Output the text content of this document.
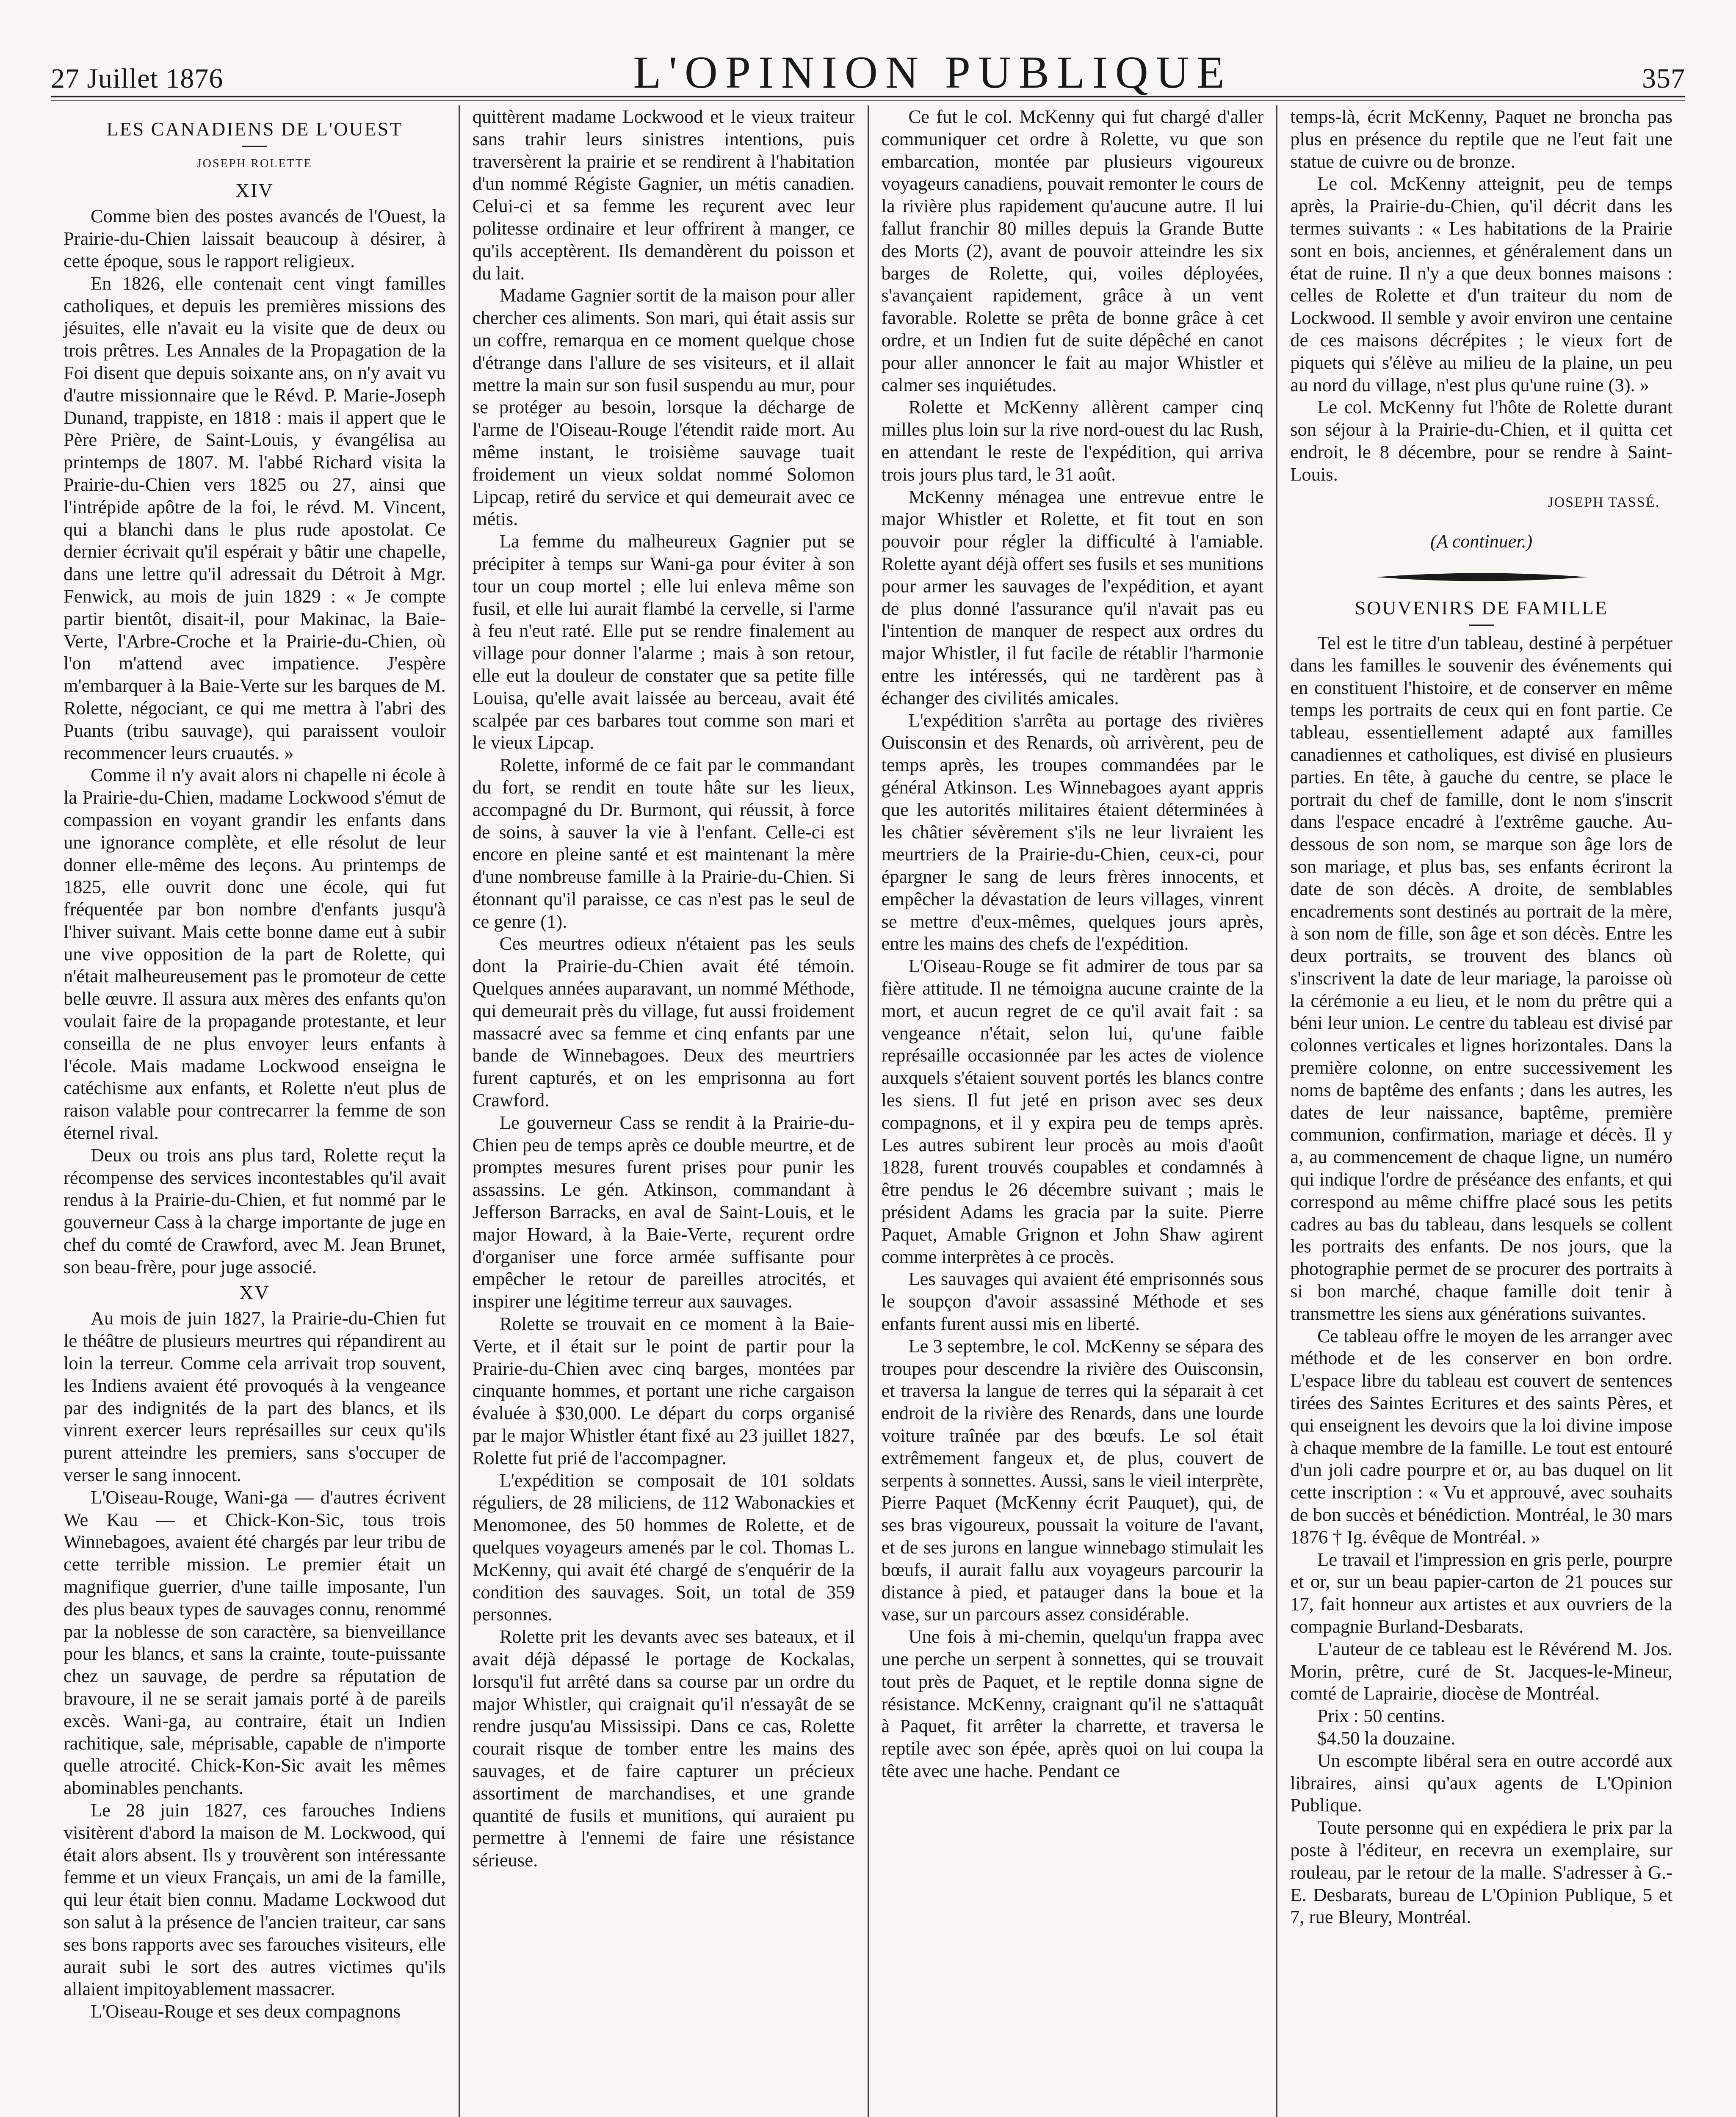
27 Juillet 1876	L'OPINION PUBLIQUE	357
LES CANADIENS DE L'OUEST
JOSEPH ROLETTE
XIV

Comme bien des postes avancés de l'Ouest, la Prairie-du-Chien laissait beaucoup à désirer, à cette époque, sous le rapport religieux.

En 1826, elle contenait cent vingt familles catholiques, et depuis les premières missions des jésuites, elle n'avait eu la visite que de deux ou trois prêtres. Les Annales de la Propagation de la Foi disent que depuis soixante ans, on n'y avait vu d'autre missionnaire que le Révd. P. Marie-Joseph Dunand, trappiste, en 1818 : mais il appert que le Père Prière, de Saint-Louis, y évangélisa au printemps de 1807. M. l'abbé Richard visita la Prairie-du-Chien vers 1825 ou 27, ainsi que l'intrépide apôtre de la foi, le révd. M. Vincent, qui a blanchi dans le plus rude apostolat. Ce dernier écrivait qu'il espérait y bâtir une chapelle, dans une lettre qu'il adressait du Détroit à Mgr. Fenwick, au mois de juin 1829 : « Je compte partir bientôt, disait-il, pour Makinac, la Baie-Verte, l'Arbre-Croche et la Prairie-du-Chien, où l'on m'attend avec impatience. J'espère m'embarquer à la Baie-Verte sur les barques de M. Rolette, négociant, ce qui me mettra à l'abri des Puants (tribu sauvage), qui paraissent vouloir recommencer leurs cruautés. »

Comme il n'y avait alors ni chapelle ni école à la Prairie-du-Chien, madame Lockwood s'émut de compassion en voyant grandir les enfants dans une ignorance complète, et elle résolut de leur donner elle-même des leçons. Au printemps de 1825, elle ouvrit donc une école, qui fut fréquentée par bon nombre d'enfants jusqu'à l'hiver suivant. Mais cette bonne dame eut à subir une vive opposition de la part de Rolette, qui n'était malheureusement pas le promoteur de cette belle œuvre. Il assura aux mères des enfants qu'on voulait faire de la propagande protestante, et leur conseilla de ne plus envoyer leurs enfants à l'école. Mais madame Lockwood enseigna le catéchisme aux enfants, et Rolette n'eut plus de raison valable pour contrecarrer la femme de son éternel rival.

Deux ou trois ans plus tard, Rolette reçut la récompense des services incontestables qu'il avait rendus à la Prairie-du-Chien, et fut nommé par le gouverneur Cass à la charge importante de juge en chef du comté de Crawford, avec M. Jean Brunet, son beau-frère, pour juge associé.

XV

Au mois de juin 1827, la Prairie-du-Chien fut le théâtre de plusieurs meurtres qui répandirent au loin la terreur. Comme cela arrivait trop souvent, les Indiens avaient été provoqués à la vengeance par des indignités de la part des blancs, et ils vinrent exercer leurs représailles sur ceux qu'ils purent atteindre les premiers, sans s'occuper de verser le sang innocent.

L'Oiseau-Rouge, Wani-ga — d'autres écrivent We Kau — et Chick-Kon-Sic, tous trois Winnebagoes, avaient été chargés par leur tribu de cette terrible mission. Le premier était un magnifique guerrier, d'une taille imposante, l'un des plus beaux types de sauvages connu, renommé par la noblesse de son caractère, sa bienveillance pour les blancs, et sans la crainte, toute-puissante chez un sauvage, de perdre sa réputation de bravoure, il ne se serait jamais porté à de pareils excès. Wani-ga, au contraire, était un Indien rachitique, sale, méprisable, capable de n'importe quelle atrocité. Chick-Kon-Sic avait les mêmes abominables penchants.

Le 28 juin 1827, ces farouches Indiens visitèrent d'abord la maison de M. Lockwood, qui était alors absent. Ils y trouvèrent son intéressante femme et un vieux Français, un ami de la famille, qui leur était bien connu. Madame Lockwood dut son salut à la présence de l'ancien traiteur, car sans ses bons rapports avec ses farouches visiteurs, elle aurait subi le sort des autres victimes qu'ils allaient impitoyablement massacrer.

L'Oiseau-Rouge et ses deux compagnons

quittèrent madame Lockwood et le vieux traiteur sans trahir leurs sinistres intentions, puis traversèrent la prairie et se rendirent à l'habitation d'un nommé Régiste Gagnier, un métis canadien. Celui-ci et sa femme les reçurent avec leur politesse ordinaire et leur offrirent à manger, ce qu'ils acceptèrent. Ils demandèrent du poisson et du lait.

Madame Gagnier sortit de la maison pour aller chercher ces aliments. Son mari, qui était assis sur un coffre, remarqua en ce moment quelque chose d'étrange dans l'allure de ses visiteurs, et il allait mettre la main sur son fusil suspendu au mur, pour se protéger au besoin, lorsque la décharge de l'arme de l'Oiseau-Rouge l'étendit raide mort. Au même instant, le troisième sauvage tuait froidement un vieux soldat nommé Solomon Lipcap, retiré du service et qui demeurait avec ce métis.

La femme du malheureux Gagnier put se précipiter à temps sur Wani-ga pour éviter à son tour un coup mortel ; elle lui enleva même son fusil, et elle lui aurait flambé la cervelle, si l'arme à feu n'eut raté. Elle put se rendre finalement au village pour donner l'alarme ; mais à son retour, elle eut la douleur de constater que sa petite fille Louisa, qu'elle avait laissée au berceau, avait été scalpée par ces barbares tout comme son mari et le vieux Lipcap.

Rolette, informé de ce fait par le commandant du fort, se rendit en toute hâte sur les lieux, accompagné du Dr. Burmont, qui réussit, à force de soins, à sauver la vie à l'enfant. Celle-ci est encore en pleine santé et est maintenant la mère d'une nombreuse famille à la Prairie-du-Chien. Si étonnant qu'il paraisse, ce cas n'est pas le seul de ce genre (1).

Ces meurtres odieux n'étaient pas les seuls dont la Prairie-du-Chien avait été témoin. Quelques années auparavant, un nommé Méthode, qui demeurait près du village, fut aussi froidement massacré avec sa femme et cinq enfants par une bande de Winnebagoes. Deux des meurtriers furent capturés, et on les emprisonna au fort Crawford.

Le gouverneur Cass se rendit à la Prairie-du-Chien peu de temps après ce double meurtre, et de promptes mesures furent prises pour punir les assassins. Le gén. Atkinson, commandant à Jefferson Barracks, en aval de Saint-Louis, et le major Howard, à la Baie-Verte, reçurent ordre d'organiser une force armée suffisante pour empêcher le retour de pareilles atrocités, et inspirer une légitime terreur aux sauvages.

Rolette se trouvait en ce moment à la Baie-Verte, et il était sur le point de partir pour la Prairie-du-Chien avec cinq barges, montées par cinquante hommes, et portant une riche cargaison évaluée à $30,000. Le départ du corps organisé par le major Whistler étant fixé au 23 juillet 1827, Rolette fut prié de l'accompagner.

L'expédition se composait de 101 soldats réguliers, de 28 miliciens, de 112 Wabonackies et Menomonee, des 50 hommes de Rolette, et de quelques voyageurs amenés par le col. Thomas L. McKenny, qui avait été chargé de s'enquérir de la condition des sauvages. Soit, un total de 359 personnes.

Rolette prit les devants avec ses bateaux, et il avait déjà dépassé le portage de Kockalas, lorsqu'il fut arrêté dans sa course par un ordre du major Whistler, qui craignait qu'il n'essayât de se rendre jusqu'au Mississipi. Dans ce cas, Rolette courait risque de tomber entre les mains des sauvages, et de faire capturer un précieux assortiment de marchandises, et une grande quantité de fusils et munitions, qui auraient pu permettre à l'ennemi de faire une résistance sérieuse.

Ce fut le col. McKenny qui fut chargé d'aller communiquer cet ordre à Rolette, vu que son embarcation, montée par plusieurs vigoureux voyageurs canadiens, pouvait remonter le cours de la rivière plus rapidement qu'aucune autre. Il lui fallut franchir 80 milles depuis la Grande Butte des Morts (2), avant de pouvoir atteindre les six barges de Rolette, qui, voiles déployées, s'avançaient rapidement, grâce à un vent favorable. Rolette se prêta de bonne grâce à cet ordre, et un Indien fut de suite dépêché en canot pour aller annoncer le fait au major Whistler et calmer ses inquiétudes.

Rolette et McKenny allèrent camper cinq milles plus loin sur la rive nord-ouest du lac Rush, en attendant le reste de l'expédition, qui arriva trois jours plus tard, le 31 août.

McKenny ménagea une entrevue entre le major Whistler et Rolette, et fit tout en son pouvoir pour régler la difficulté à l'amiable. Rolette ayant déjà offert ses fusils et ses munitions pour armer les sauvages de l'expédition, et ayant de plus donné l'assurance qu'il n'avait pas eu l'intention de manquer de respect aux ordres du major Whistler, il fut facile de rétablir l'harmonie entre les intéressés, qui ne tardèrent pas à échanger des civilités amicales.

L'expédition s'arrêta au portage des rivières Ouisconsin et des Renards, où arrivèrent, peu de temps après, les troupes commandées par le général Atkinson. Les Winnebagoes ayant appris que les autorités militaires étaient déterminées à les châtier sévèrement s'ils ne leur livraient les meurtriers de la Prairie-du-Chien, ceux-ci, pour épargner le sang de leurs frères innocents, et empêcher la dévastation de leurs villages, vinrent se mettre d'eux-mêmes, quelques jours après, entre les mains des chefs de l'expédition.

L'Oiseau-Rouge se fit admirer de tous par sa fière attitude. Il ne témoigna aucune crainte de la mort, et aucun regret de ce qu'il avait fait : sa vengeance n'était, selon lui, qu'une faible représaille occasionnée par les actes de violence auxquels s'étaient souvent portés les blancs contre les siens. Il fut jeté en prison avec ses deux compagnons, et il y expira peu de temps après. Les autres subirent leur procès au mois d'août 1828, furent trouvés coupables et condamnés à être pendus le 26 décembre suivant ; mais le président Adams les gracia par la suite. Pierre Paquet, Amable Grignon et John Shaw agirent comme interprètes à ce procès.

Les sauvages qui avaient été emprisonnés sous le soupçon d'avoir assassiné Méthode et ses enfants furent aussi mis en liberté.

Le 3 septembre, le col. McKenny se sépara des troupes pour descendre la rivière des Ouisconsin, et traversa la langue de terres qui la séparait à cet endroit de la rivière des Renards, dans une lourde voiture traînée par des bœufs. Le sol était extrêmement fangeux et, de plus, couvert de serpents à sonnettes. Aussi, sans le vieil interprète, Pierre Paquet (McKenny écrit Pauquet), qui, de ses bras vigoureux, poussait la voiture de l'avant, et de ses jurons en langue winnebago stimulait les bœufs, il aurait fallu aux voyageurs parcourir la distance à pied, et patauger dans la boue et la vase, sur un parcours assez considérable.

Une fois à mi-chemin, quelqu'un frappa avec une perche un serpent à sonnettes, qui se trouvait tout près de Paquet, et le reptile donna signe de résistance. McKenny, craignant qu'il ne s'attaquât à Paquet, fit arrêter la charrette, et traversa le reptile avec son épée, après quoi on lui coupa la tête avec une hache. Pendant ce

temps-là, écrit McKenny, Paquet ne broncha pas plus en présence du reptile que ne l'eut fait une statue de cuivre ou de bronze.

Le col. McKenny atteignit, peu de temps après, la Prairie-du-Chien, qu'il décrit dans les termes suivants : « Les habitations de la Prairie sont en bois, anciennes, et généralement dans un état de ruine. Il n'y a que deux bonnes maisons : celles de Rolette et d'un traiteur du nom de Lockwood. Il semble y avoir environ une centaine de ces maisons décrépites ; le vieux fort de piquets qui s'élève au milieu de la plaine, un peu au nord du village, n'est plus qu'une ruine (3). »

Le col. McKenny fut l'hôte de Rolette durant son séjour à la Prairie-du-Chien, et il quitta cet endroit, le 8 décembre, pour se rendre à Saint-Louis.

JOSEPH TASSÉ.
(A continuer.)
SOUVENIRS DE FAMILLE

Tel est le titre d'un tableau, destiné à perpétuer dans les familles le souvenir des événements qui en constituent l'histoire, et de conserver en même temps les portraits de ceux qui en font partie. Ce tableau, essentiellement adapté aux familles canadiennes et catholiques, est divisé en plusieurs parties. En tête, à gauche du centre, se place le portrait du chef de famille, dont le nom s'inscrit dans l'espace encadré à l'extrême gauche. Au-dessous de son nom, se marque son âge lors de son mariage, et plus bas, ses enfants écriront la date de son décès. A droite, de semblables encadrements sont destinés au portrait de la mère, à son nom de fille, son âge et son décès. Entre les deux portraits, se trouvent des blancs où s'inscrivent la date de leur mariage, la paroisse où la cérémonie a eu lieu, et le nom du prêtre qui a béni leur union. Le centre du tableau est divisé par colonnes verticales et lignes horizontales. Dans la première colonne, on entre successivement les noms de baptême des enfants ; dans les autres, les dates de leur naissance, baptême, première communion, confirmation, mariage et décès. Il y a, au commencement de chaque ligne, un numéro qui indique l'ordre de préséance des enfants, et qui correspond au même chiffre placé sous les petits cadres au bas du tableau, dans lesquels se collent les portraits des enfants. De nos jours, que la photographie permet de se procurer des portraits à si bon marché, chaque famille doit tenir à transmettre les siens aux générations suivantes.

Ce tableau offre le moyen de les arranger avec méthode et de les conserver en bon ordre. L'espace libre du tableau est couvert de sentences tirées des Saintes Ecritures et des saints Pères, et qui enseignent les devoirs que la loi divine impose à chaque membre de la famille. Le tout est entouré d'un joli cadre pourpre et or, au bas duquel on lit cette inscription : « Vu et approuvé, avec souhaits de bon succès et bénédiction. Montréal, le 30 mars 1876 † Ig. évêque de Montréal. »

Le travail et l'impression en gris perle, pourpre et or, sur un beau papier-carton de 21 pouces sur 17, fait honneur aux artistes et aux ouvriers de la compagnie Burland-Desbarats.

L'auteur de ce tableau est le Révérend M. Jos. Morin, prêtre, curé de St. Jacques-le-Mineur, comté de Laprairie, diocèse de Montréal.

Prix : 50 centins.

$4.50 la douzaine.

Un escompte libéral sera en outre accordé aux libraires, ainsi qu'aux agents de L'Opinion Publique.

Toute personne qui en expédiera le prix par la poste à l'éditeur, en recevra un exemplaire, sur rouleau, par le retour de la malle. S'adresser à G.-E. Desbarats, bureau de L'Opinion Publique, 5 et 7, rue Bleury, Montréal.
